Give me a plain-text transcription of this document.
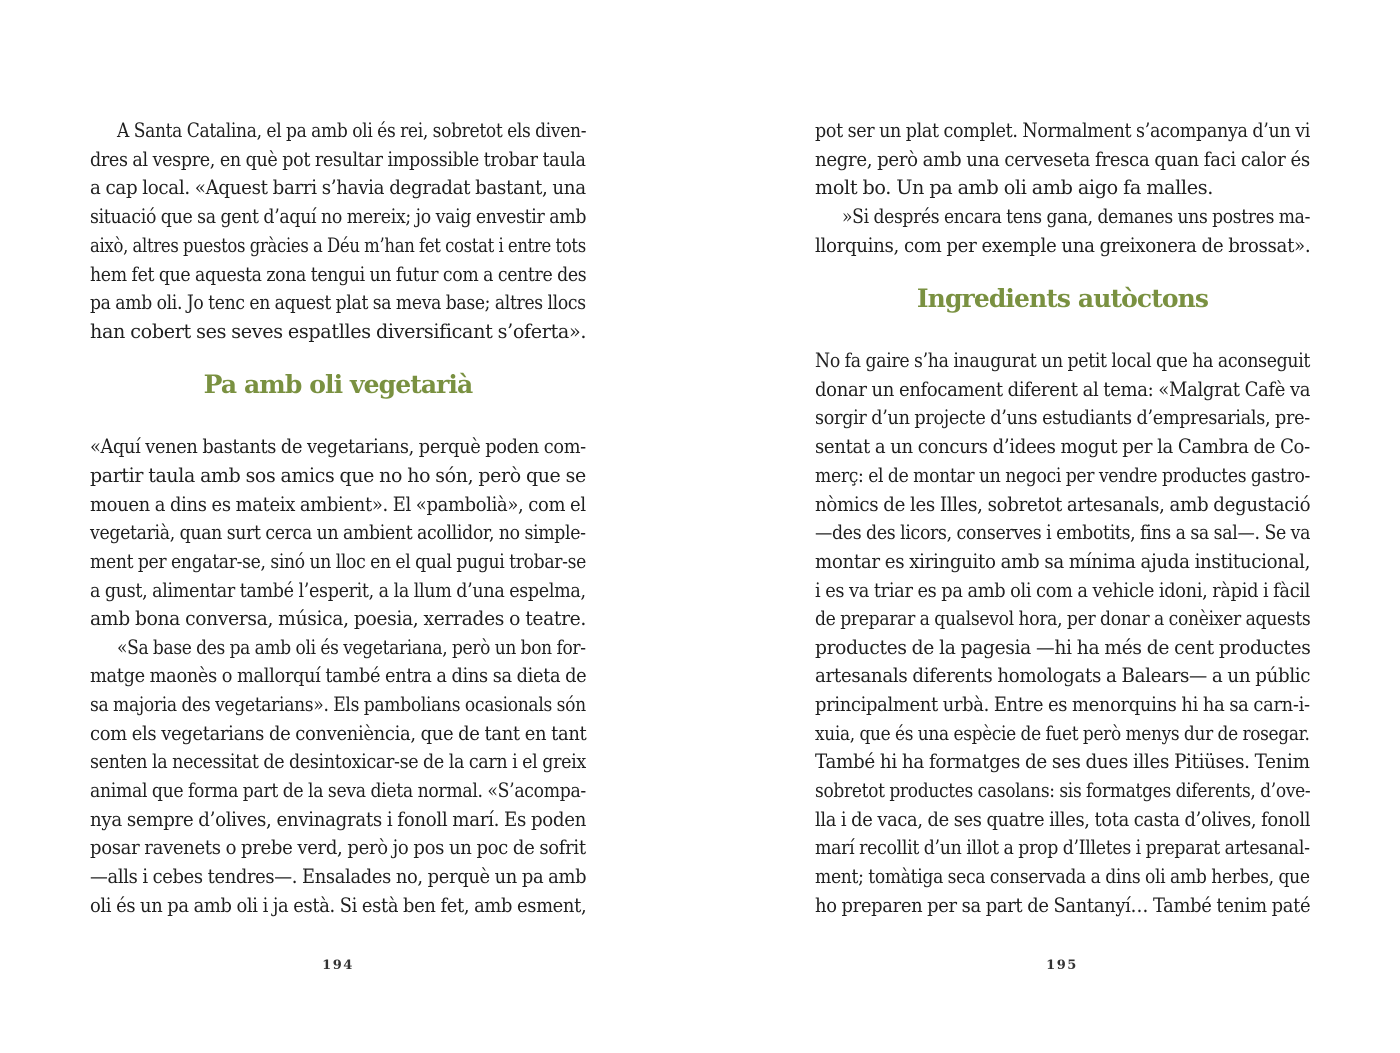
A Santa Catalina, el pa amb oli és rei, sobretot els diven-
dres al vespre, en què pot resultar impossible trobar taula
a cap local. «Aquest barri s’havia degradat bastant, una
situació que sa gent d’aquí no mereix; jo vaig envestir amb
això, altres puestos gràcies a Déu m’han fet costat i entre tots
hem fet que aquesta zona tengui un futur com a centre des
pa amb oli. Jo tenc en aquest plat sa meva base; altres llocs
han cobert ses seves espatlles diversificant s’oferta».
Pa amb oli vegetarià
«Aquí venen bastants de vegetarians, perquè poden com-
partir taula amb sos amics que no ho són, però que se
mouen a dins es mateix ambient». El «pambolià», com el
vegetarià, quan surt cerca un ambient acollidor, no simple-
ment per engatar-se, sinó un lloc en el qual pugui trobar-se
a gust, alimentar també l’esperit, a la llum d’una espelma,
amb bona conversa, música, poesia, xerrades o teatre.
«Sa base des pa amb oli és vegetariana, però un bon for-
matge maonès o mallorquí també entra a dins sa dieta de
sa majoria des vegetarians». Els pambolians ocasionals són
com els vegetarians de conveniència, que de tant en tant
senten la necessitat de desintoxicar-se de la carn i el greix
animal que forma part de la seva dieta normal. «S’acompa-
nya sempre d’olives, envinagrats i fonoll marí. Es poden
posar ravenets o prebe verd, però jo pos un poc de sofrit
—alls i cebes tendres—. Ensalades no, perquè un pa amb
oli és un pa amb oli i ja està. Si està ben fet, amb esment,
194
pot ser un plat complet. Normalment s’acompanya d’un vi
negre, però amb una cerveseta fresca quan faci calor és
molt bo. Un pa amb oli amb aigo fa malles.
»Si després encara tens gana, demanes uns postres ma-
llorquins, com per exemple una greixonera de brossat».
Ingredients autòctons
No fa gaire s’ha inaugurat un petit local que ha aconseguit
donar un enfocament diferent al tema: «Malgrat Cafè va
sorgir d’un projecte d’uns estudiants d’empresarials, pre-
sentat a un concurs d’idees mogut per la Cambra de Co-
merç: el de montar un negoci per vendre productes gastro-
nòmics de les Illes, sobretot artesanals, amb degustació
—des des licors, conserves i embotits, fins a sa sal—. Se va
montar es xiringuito amb sa mínima ajuda institucional,
i es va triar es pa amb oli com a vehicle idoni, ràpid i fàcil
de preparar a qualsevol hora, per donar a conèixer aquests
productes de la pagesia —hi ha més de cent productes
artesanals diferents homologats a Balears— a un públic
principalment urbà. Entre es menorquins hi ha sa carn-i-
xuia, que és una espècie de fuet però menys dur de rosegar.
També hi ha formatges de ses dues illes Pitiüses. Tenim
sobretot productes casolans: sis formatges diferents, d’ove-
lla i de vaca, de ses quatre illes, tota casta d’olives, fonoll
marí recollit d’un illot a prop d’Illetes i preparat artesanal-
ment; tomàtiga seca conservada a dins oli amb herbes, que
ho preparen per sa part de Santanyí… També tenim paté
195
